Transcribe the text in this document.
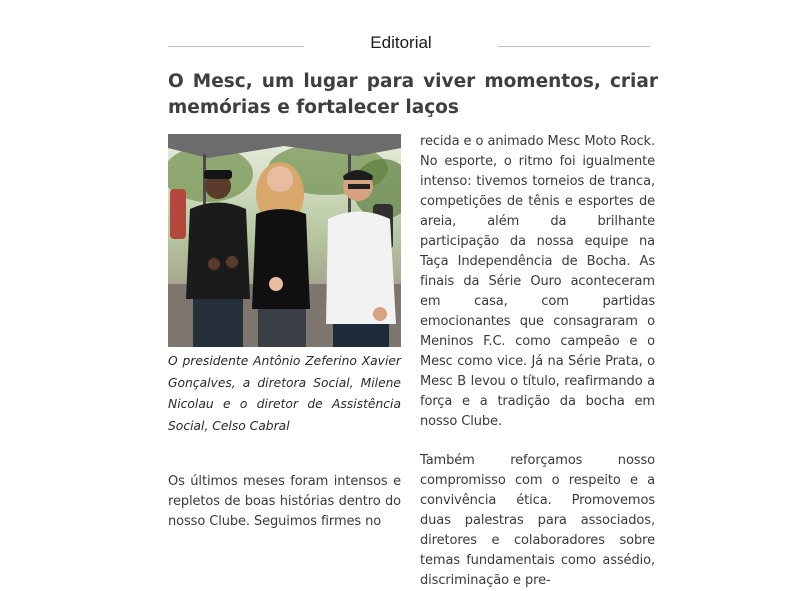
Editorial
O Mesc, um lugar para viver momentos, criar memórias e fortalecer laços
O presidente Antônio Zeferino Xavier Gonçalves, a diretora Social, Milene Nicolau e o diretor de Assistência Social, Celso Cabral

Os últimos meses foram intensos e repletos de boas histórias dentro do nosso Clube. Seguimos firmes no

recida e o animado Mesc Moto Rock. No esporte, o ritmo foi igualmente intenso: tivemos torneios de tranca, competições de tênis e esportes de areia, além da brilhante participação da nossa equipe na Taça Independência de Bocha. As finais da Série Ouro aconteceram em casa, com partidas emocionantes que consagraram o Meninos F.C. como campeão e o Mesc como vice. Já na Série Prata, o Mesc B levou o título, reafirmando a força e a tradição da bocha em nosso Clube.

Também reforçamos nosso compromisso com o respeito e a convivência ética. Promovemos duas palestras para associados, diretores e colaboradores sobre temas fundamentais como assédio, discriminação e pre-
